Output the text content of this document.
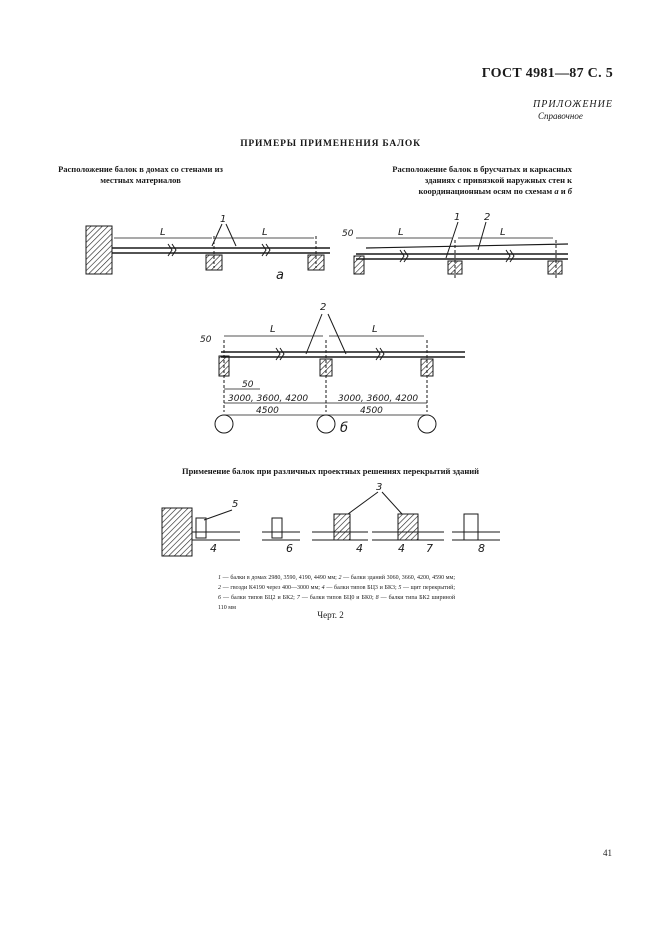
ГОСТ 4981—87 С. 5
ПРИЛОЖЕНИЕ
Справочное
ПРИМЕРЫ ПРИМЕНЕНИЯ БАЛОК
Расположение балок в домах со стенами из
местных материалов
Расположение балок в брусчатых и каркасных
зданиях с привязкой наружных стен к
координационным осям по схемам а и б
L	L
1
а
50	L	L
1 2
50
L	L
2
50
3000, 3600, 4200	3000, 3600, 4200
4500	4500
б
5
4	6
3
4	4 7	8
Применение балок при различных проектных решениях перекрытий зданий
1 — балки в домах 2980, 3590, 4190, 4490 мм; 2 — балки зданий 3060, 3660, 4200, 4590 мм; 2 — гвозди К4190 через 400—3000 мм; 4 — балки типов БЦ3 и БК3; 5 — щит перекрытий; 6 — балки типов БЦ2 и БК2; 7 — балки типов БЦ0 и БК0; 8 — балки типа БК2 шириной 110 мм
Черт. 2
41
